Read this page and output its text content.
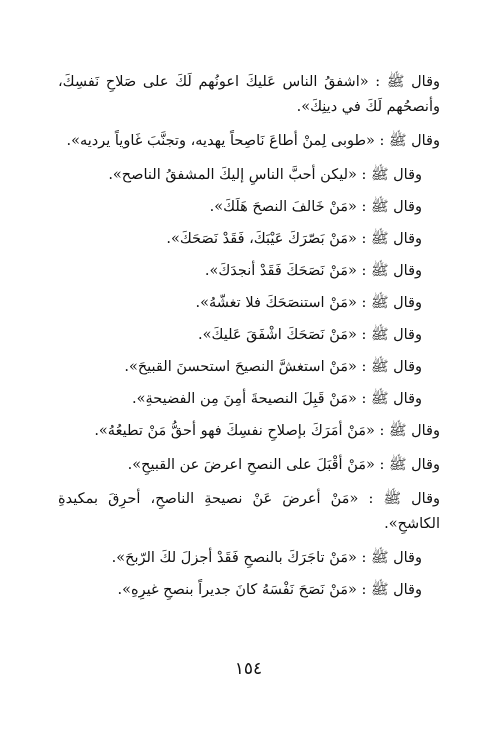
وقال ﷺ : «اشفقُ الناس عَليكَ اعونُهم لَكَ على صَلاحِ نَفسِكَ، وأنصحُهم لَكَ في دينِكَ».
وقال ﷺ : «طوبى لِمنْ أطاعَ نَاصِحاً يهديه، وتجنَّبَ غَاوياً يرديه».
وقال ﷺ : «ليكن أحبَّ الناسِ إليكَ المشفقُ الناصح».
وقال ﷺ : «مَنْ خَالفَ النصحَ هَلَكَ».
وقال ﷺ : «مَنْ بَصّرَكَ عَيْبَكَ، فَقَدْ نَصَحَكَ».
وقال ﷺ : «مَنْ نَصَحَكَ فَقَدْ أنجدَكَ».
وقال ﷺ : «مَنْ استنصَحَكَ فلا تغشّهُ».
وقال ﷺ : «مَنْ نَصَحَكَ اشْفَقَ عَليكَ».
وقال ﷺ : «مَنْ استغشَّ النصيحَ استحسنَ القبيحَ».
وقال ﷺ : «مَنْ قَبِلَ النصيحةَ أمِنَ مِن الفضيحةِ».
وقال ﷺ : «مَنْ أمَرَكَ بإصلاحِ نفسِكَ فهو أحقُّ مَنْ تطيعُهُ».
وقال ﷺ : «مَنْ أقْبَلَ على النصحِ اعرضَ عن القبيحِ».
وقال ﷺ : «مَنْ أعرضَ عَنْ نصيحةِ الناصحِ، أحرِقَ بمكيدةِ الكاشحِ».
وقال ﷺ : «مَنْ تاجَرَكَ بالنصحِ فَقَدْ أجزلَ لكَ الرّبحَ».
وقال ﷺ : «مَنْ نَصَحَ نَفْسَهُ كانَ جديراً بنصحِ غيرِهِ».
١٥٤
